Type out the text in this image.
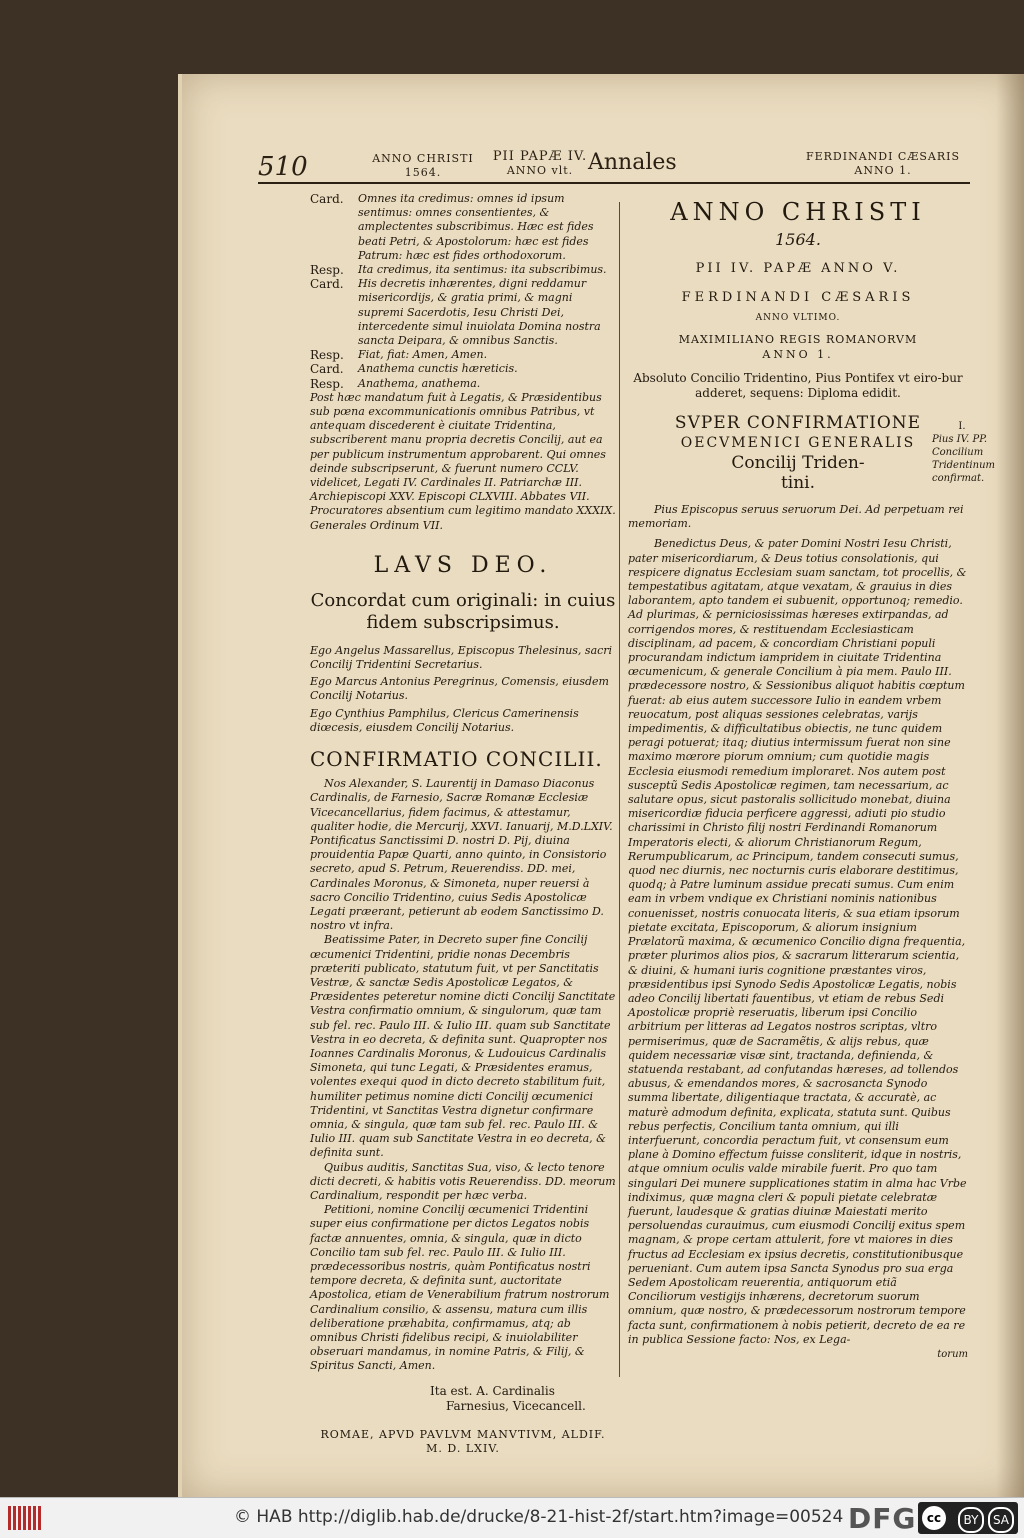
510	ANNO CHRISTI
1564.
PII PAPÆ IV.
ANNO vlt. Annales	FERDINANDI CÆSARIS
ANNO 1.
Card.	Omnes ita credimus: omnes id ipsum sentimus: omnes consentientes, & amplectentes subscribimus. Hæc est fides beati Petri, & Apostolorum: hæc est fides Patrum: hæc est fides orthodoxorum.
Resp.	Ita credimus, ita sentimus: ita subscribimus.
Card.	His decretis inhærentes, digni reddamur misericordijs, & gratia primi, & magni supremi Sacerdotis, Iesu Christi Dei, intercedente simul inuiolata Domina nostra sancta Deipara, & omnibus Sanctis.
Resp.	Fiat, fiat: Amen, Amen.
Card.	Anathema cunctis hæreticis.
Resp.	Anathema, anathema.

Post hæc mandatum fuit à Legatis, & Præsidentibus sub pœna excommunicationis omnibus Patribus, vt antequam discederent è ciuitate Tridentina, subscriberent manu propria decretis Concilij, aut ea per publicum instrumentum approbarent. Qui omnes deinde subscripserunt, & fuerunt numero CCLV. videlicet, Legati IV. Cardinales II. Patriarchæ III. Archiepiscopi XXV. Episcopi CLXVIII. Abbates VII. Procuratores absentium cum legitimo mandato XXXIX. Generales Ordinum VII.

LAVS DEO.
Concordat cum originali: in cuius fidem subscripsimus.

Ego Angelus Massarellus, Episcopus Thelesinus, sacri Concilij Tridentini Secretarius.

Ego Marcus Antonius Peregrinus, Comensis, eiusdem Concilij Notarius.

Ego Cynthius Pamphilus, Clericus Camerinensis diœcesis, eiusdem Concilij Notarius.

CONFIRMATIO CONCILII.

Nos Alexander, S. Laurentij in Damaso Diaconus Cardinalis, de Farnesio, Sacræ Romanæ Ecclesiæ Vicecancellarius, fidem facimus, & attestamur, qualiter hodie, die Mercurij, XXVI. Ianuarij, M.D.LXIV. Pontificatus Sanctissimi D. nostri D. Pij, diuina prouidentia Papæ Quarti, anno quinto, in Consistorio secreto, apud S. Petrum, Reuerendiss. DD. mei, Cardinales Moronus, & Simoneta, nuper reuersi à sacro Concilio Tridentino, cuius Sedis Apostolicæ Legati præerant, petierunt ab eodem Sanctissimo D. nostro vt infra.

Beatissime Pater, in Decreto super fine Concilij œcumenici Tridentini, pridie nonas Decembris præteriti publicato, statutum fuit, vt per Sanctitatis Vestræ, & sanctæ Sedis Apostolicæ Legatos, & Præsidentes peteretur nomine dicti Concilij Sanctitate Vestra confirmatio omnium, & singulorum, quæ tam sub fel. rec. Paulo III. & Iulio III. quam sub Sanctitate Vestra in eo decreta, & definita sunt. Quapropter nos Ioannes Cardinalis Moronus, & Ludouicus Cardinalis Simoneta, qui tunc Legati, & Præsidentes eramus, volentes exequi quod in dicto decreto stabilitum fuit, humiliter petimus nomine dicti Concilij œcumenici Tridentini, vt Sanctitas Vestra dignetur confirmare omnia, & singula, quæ tam sub fel. rec. Paulo III. & Iulio III. quam sub Sanctitate Vestra in eo decreta, & definita sunt.

Quibus auditis, Sanctitas Sua, viso, & lecto tenore dicti decreti, & habitis votis Reuerendiss. DD. meorum Cardinalium, respondit per hæc verba.

Petitioni, nomine Concilij œcumenici Tridentini super eius confirmatione per dictos Legatos nobis factæ annuentes, omnia, & singula, quæ in dicto Concilio tam sub fel. rec. Paulo III. & Iulio III. prædecessoribus nostris, quàm Pontificatus nostri tempore decreta, & definita sunt, auctoritate Apostolica, etiam de Venerabilium fratrum nostrorum Cardinalium consilio, & assensu, matura cum illis deliberatione præhabita, confirmamus, atq; ab omnibus Christi fidelibus recipi, & inuiolabiliter obseruari mandamus, in nomine Patris, & Filij, & Spiritus Sancti, Amen.

Ita est. A. Cardinalis
Farnesius, Vicecancell.
ROMAE, APVD PAVLVM MANVTIVM, ALDIF.
M. D. LXIV.
ANNO CHRISTI
1564.
PII IV. PAPÆ ANNO V.
FERDINANDI CÆSARIS
ANNO VLTIMO.
MAXIMILIANO REGIS ROMANORVM
ANNO 1.

Absoluto Concilio Tridentino, Pius Pontifex vt eiro-bur adderet, sequens: Diploma edidit.

SVPER CONFIRMATIONE
OECVMENICI GENERALIS
Concilij Triden-
tini.

Pius Episcopus seruus seruorum Dei. Ad perpetuam rei memoriam.

Benedictus Deus, & pater Domini Nostri Iesu Christi, pater misericordiarum, & Deus totius consolationis, qui respicere dignatus Ecclesiam suam sanctam, tot procellis, & tempestatibus agitatam, atque vexatam, & grauius in dies laborantem, apto tandem ei subuenit, opportunoq; remedio. Ad plurimas, & perniciosissimas hæreses extirpandas, ad corrigendos mores, & restituendam Ecclesiasticam disciplinam, ad pacem, & concordiam Christiani populi procurandam indictum iampridem in ciuitate Tridentina œcumenicum, & generale Concilium à pia mem. Paulo III. prædecessore nostro, & Sessionibus aliquot habitis cœptum fuerat: ab eius autem successore Iulio in eandem vrbem reuocatum, post aliquas sessiones celebratas, varijs impedimentis, & difficultatibus obiectis, ne tunc quidem peragi potuerat; itaq; diutius intermissum fuerat non sine maximo mœrore piorum omnium; cum quotidie magis Ecclesia eiusmodi remedium imploraret. Nos autem post susceptũ Sedis Apostolicæ regimen, tam necessarium, ac salutare opus, sicut pastoralis sollicitudo monebat, diuina misericordiæ fiducia perficere aggressi, adiuti pio studio charissimi in Christo filij nostri Ferdinandi Romanorum Imperatoris electi, & aliorum Christianorum Regum, Rerumpublicarum, ac Principum, tandem consecuti sumus, quod nec diurnis, nec nocturnis curis elaborare destitimus, quodq; à Patre luminum assidue precati sumus. Cum enim eam in vrbem vndique ex Christiani nominis nationibus conuenisset, nostris conuocata literis, & sua etiam ipsorum pietate excitata, Episcoporum, & aliorum insignium Prælatorũ maxima, & œcumenico Concilio digna frequentia, præter plurimos alios pios, & sacrarum litterarum scientia, & diuini, & humani iuris cognitione præstantes viros, præsidentibus ipsi Synodo Sedis Apostolicæ Legatis, nobis adeo Concilij libertati fauentibus, vt etiam de rebus Sedi Apostolicæ propriè reseruatis, liberum ipsi Concilio arbitrium per litteras ad Legatos nostros scriptas, vltro permiserimus, quæ de Sacramẽtis, & alijs rebus, quæ quidem necessariæ visæ sint, tractanda, definienda, & statuenda restabant, ad confutandas hæreses, ad tollendos abusus, & emendandos mores, & sacrosancta Synodo summa libertate, diligentiaque tractata, & accuratè, ac maturè admodum definita, explicata, statuta sunt. Quibus rebus perfectis, Concilium tanta omnium, qui illi interfuerunt, concordia peractum fuit, vt consensum eum plane à Domino effectum fuisse consliterit, idque in nostris, atque omnium oculis valde mirabile fuerit. Pro quo tam singulari Dei munere supplicationes statim in alma hac Vrbe indiximus, quæ magna cleri & populi pietate celebratæ fuerunt, laudesque & gratias diuinæ Maiestati merito persoluendas curauimus, cum eiusmodi Concilij exitus spem magnam, & prope certam attulerit, fore vt maiores in dies fructus ad Ecclesiam ex ipsius decretis, constitutionibusque perueniant. Cum autem ipsa Sancta Synodus pro sua erga Sedem Apostolicam reuerentia, antiquorum etiã Conciliorum vestigijs inhærens, decretorum suorum omnium, quæ nostro, & prædecessorum nostrorum tempore facta sunt, confirmationem à nobis petierit, decreto de ea re in publica Sessione facto: Nos, ex Lega-

torum
I.
Pius IV. PP. Concilium Tridentinum confirmat.
© HAB http://diglib.hab.de/drucke/8-21-hist-2f/start.htm?image=00524 DFG cc	BY	SA
